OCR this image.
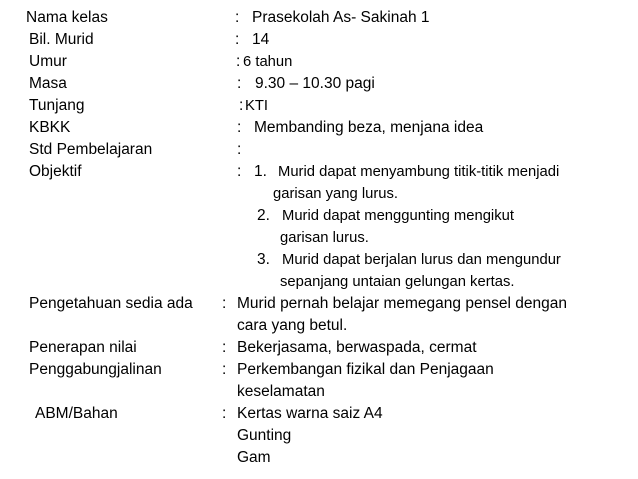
Nama kelas	: Prasekolah As- Sakinah 1
Bil. Murid	: 14
Umur	: 6 tahun
Masa	: 9.30 – 10.30 pagi
Tunjang	: KTI
KBKK	: Membanding beza, menjana idea
Std Pembelajaran	:
Objektif	: 1. Murid dapat menyambung titik-titik menjadi
garisan yang lurus.
2. Murid dapat menggunting mengikut
garisan lurus.
3. Murid dapat berjalan lurus dan mengundur
sepanjang untaian gelungan kertas.
Pengetahuan sedia ada : Murid pernah belajar memegang pensel dengan
cara yang betul.
Penerapan nilai	: Bekerjasama, berwaspada, cermat
Penggabungjalinan	: Perkembangan fizikal dan Penjagaan
keselamatan
ABM/Bahan	: Kertas warna saiz A4
Gunting
Gam
